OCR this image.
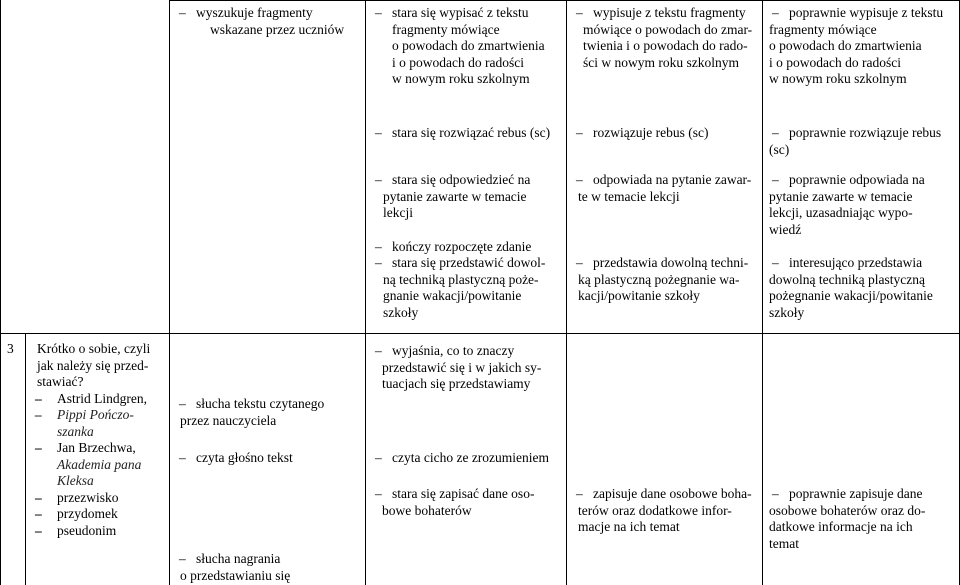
– wyszukuje fragmenty
wskazane przez uczniów
– stara się wypisać z tekstu
fragmenty mówiące
o powodach do zmartwienia
i o powodach do radości
w nowym roku szkolnym
– wypisuje z tekstu fragmenty
mówiące o powodach do zmar-
twienia i o powodach do rado-
ści w nowym roku szkolnym
– poprawnie wypisuje z tekstu
fragmenty mówiące
o powodach do zmartwienia
i o powodach do radości
w nowym roku szkolnym
– stara się rozwiązać rebus (sc)	– rozwiązuje rebus (sc)	– poprawnie rozwiązuje rebus
(sc)
– stara się odpowiedzieć na
pytanie zawarte w temacie
lekcji
– kończy rozpoczęte zdanie
– stara się przedstawić dowol-
ną techniką plastyczną poże-
gnanie wakacji/powitanie
szkoły
– odpowiada na pytanie zawar-
te w temacie lekcji
– przedstawia dowolną techni-
ką plastyczną pożegnanie wa-
kacji/powitanie szkoły
– poprawnie odpowiada na
pytanie zawarte w temacie
lekcji, uzasadniając wypo-
wiedź
– interesująco przedstawia
dowolną techniką plastyczną
pożegnanie wakacji/powitanie
szkoły
3 Krótko o sobie, czyli
jak należy się przed-
stawiać?
– Astrid Lindgren,
– Pippi Pończo-
szanka
– Jan Brzechwa,
Akademia pana
Kleksa
– przezwisko
– przydomek
– pseudonim
– słucha tekstu czytanego
przez nauczyciela
– czyta głośno tekst
– słucha nagrania
o przedstawianiu się
– wyjaśnia, co to znaczy
przedstawić się i w jakich sy-
tuacjach się przedstawiamy
– czyta cicho ze zrozumieniem
– stara się zapisać dane oso-
bowe bohaterów
– zapisuje dane osobowe boha-
terów oraz dodatkowe infor-
macje na ich temat
– poprawnie zapisuje dane
osobowe bohaterów oraz do-
datkowe informacje na ich
temat
